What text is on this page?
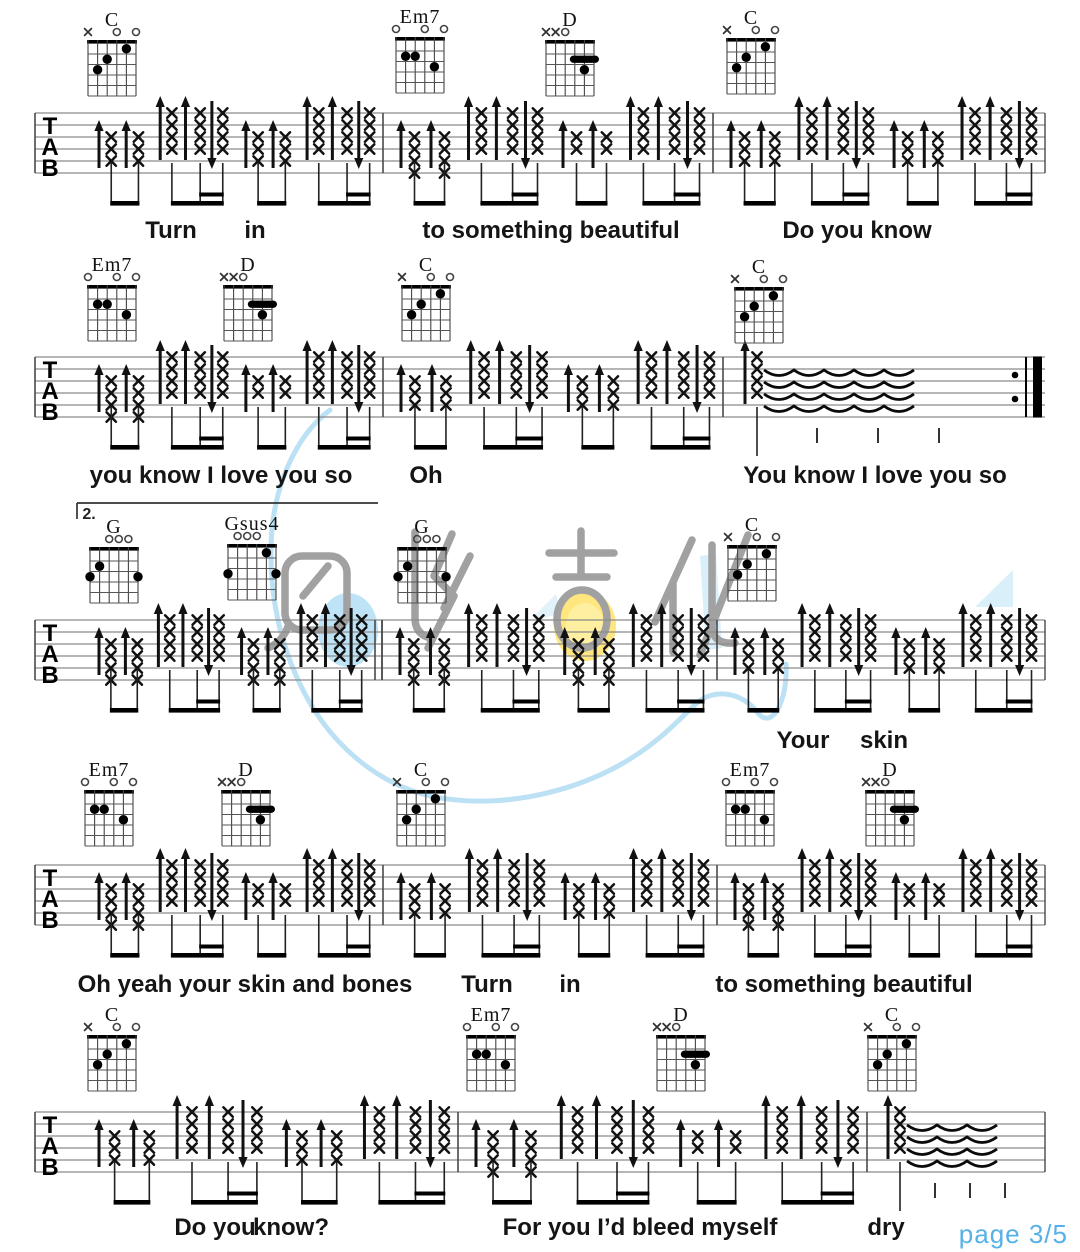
T
A
B
C	Em7	D	C
Turn in	to something beautiful	Do you know
T
A
B
Em7	D	C	C
you know I love you so Oh	You know I love you so
T
A
B
2.
G	Gsus4	G	C
Your skin
T
A
B
Em7	D	C	Em7	D
Oh yeah your skin and bones Turn in	to something beautiful
T
A
B
C	Em7	D	C
Do you
know?	For you I’d bleed myself	dry page 3/5
